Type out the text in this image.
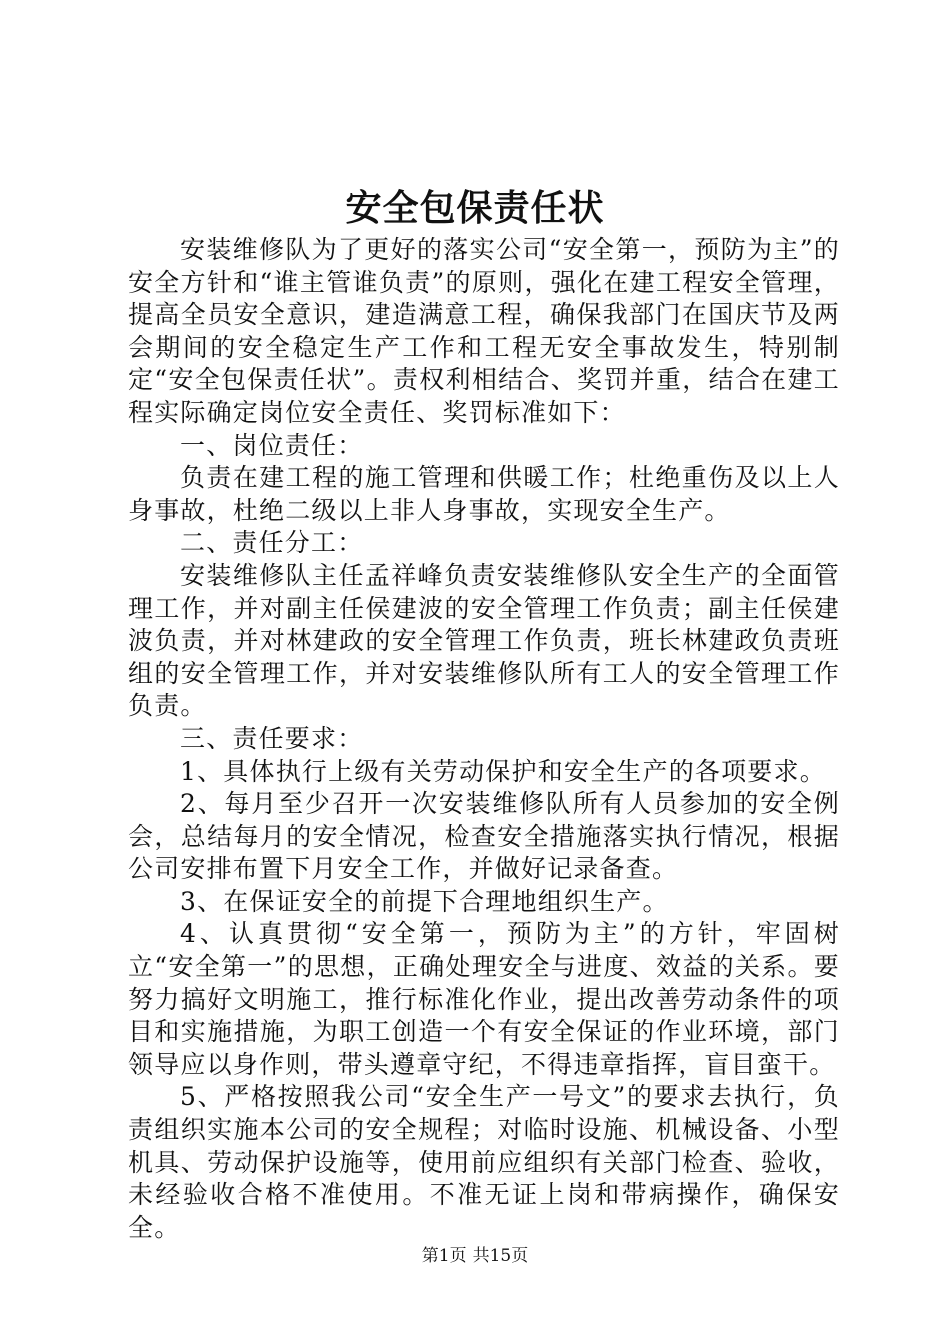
安全包保责任状

安装维修队为了更好的落实公司“安全第一，预防为主”的安全方针和“谁主管谁负责”的原则，强化在建工程安全管理，提高全员安全意识，建造满意工程，确保我部门在国庆节及两会期间的安全稳定生产工作和工程无安全事故发生，特别制定“安全包保责任状”。责权利相结合、奖罚并重，结合在建工程实际确定岗位安全责任、奖罚标准如下：

一、岗位责任：

负责在建工程的施工管理和供暖工作；杜绝重伤及以上人身事故，杜绝二级以上非人身事故，实现安全生产。

二、责任分工：

安装维修队主任孟祥峰负责安装维修队安全生产的全面管理工作，并对副主任侯建波的安全管理工作负责；副主任侯建波负责，并对林建政的安全管理工作负责，班长林建政负责班组的安全管理工作，并对安装维修队所有工人的安全管理工作负责。

三、责任要求：

1、具体执行上级有关劳动保护和安全生产的各项要求。

2、每月至少召开一次安装维修队所有人员参加的安全例会，总结每月的安全情况，检查安全措施落实执行情况，根据公司安排布置下月安全工作，并做好记录备查。

3、在保证安全的前提下合理地组织生产。

4、认真贯彻“安全第一，预防为主”的方针，牢固树立“安全第一”的思想，正确处理安全与进度、效益的关系。要努力搞好文明施工，推行标准化作业，提出改善劳动条件的项目和实施措施，为职工创造一个有安全保证的作业环境，部门领导应以身作则，带头遵章守纪，不得违章指挥，盲目蛮干。

5、严格按照我公司“安全生产一号文”的要求去执行，负责组织实施本公司的安全规程；对临时设施、机械设备、小型机具、劳动保护设施等，使用前应组织有关部门检查、验收，未经验收合格不准使用。不准无证上岗和带病操作，确保安全。

第1页 共15页
